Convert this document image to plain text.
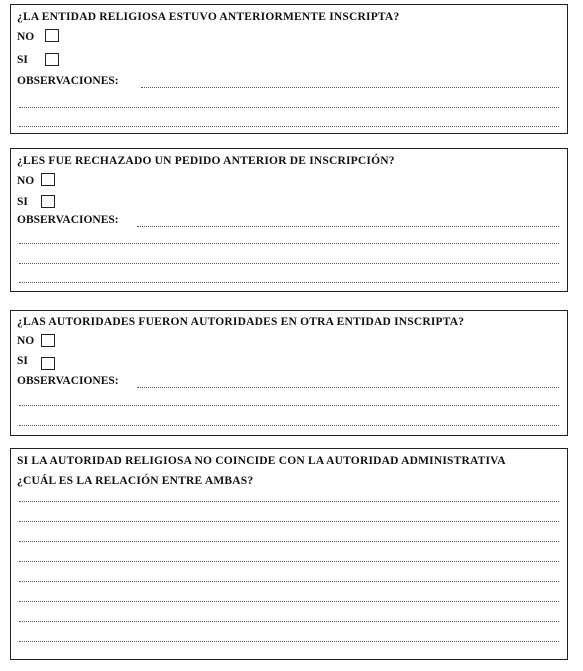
¿LA ENTIDAD RELIGIOSA ESTUVO ANTERIORMENTE INSCRIPTA?
NO
SI
OBSERVACIONES:
¿LES FUE RECHAZADO UN PEDIDO ANTERIOR DE INSCRIPCIÓN?
NO
SI
OBSERVACIONES:
¿LAS AUTORIDADES FUERON AUTORIDADES EN OTRA ENTIDAD INSCRIPTA?
NO
SI
OBSERVACIONES:
SI LA AUTORIDAD RELIGIOSA NO COINCIDE CON LA AUTORIDAD ADMINISTRATIVA
¿CUÁL ES LA RELACIÓN ENTRE AMBAS?
